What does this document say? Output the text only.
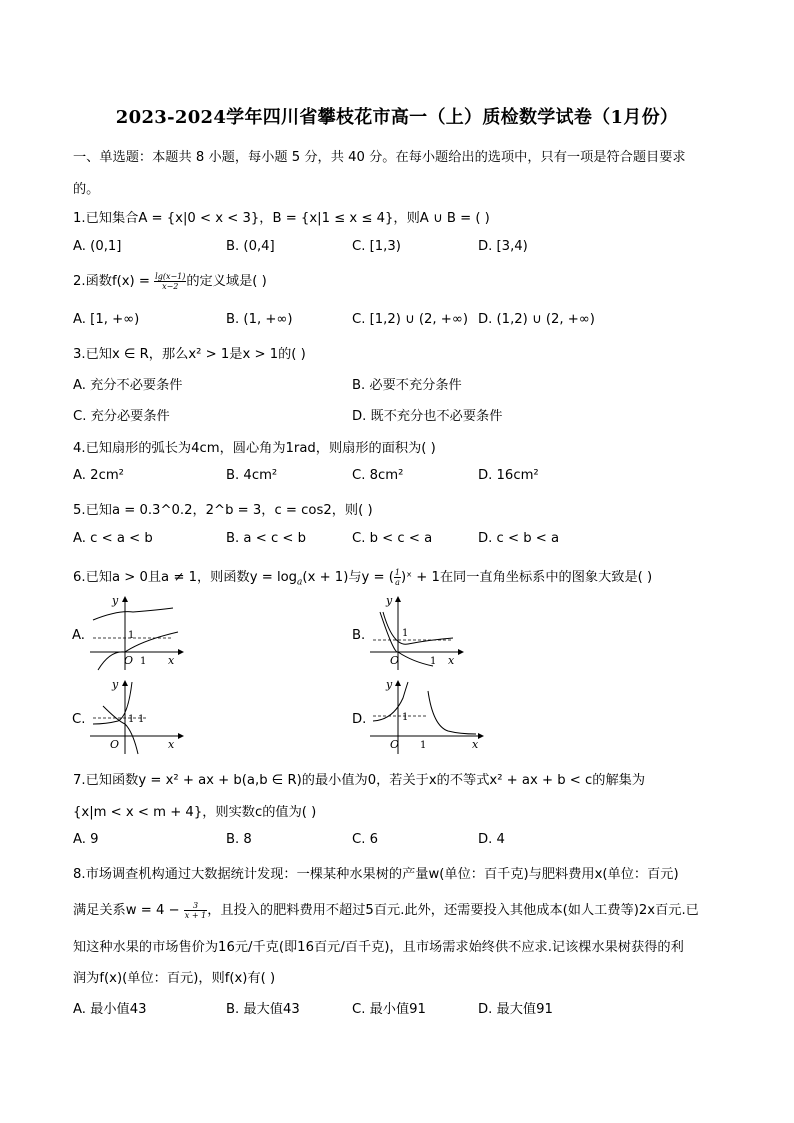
2023-2024学年四川省攀枝花市高一（上）质检数学试卷（1月份）
一、单选题：本题共 8 小题，每小题 5 分，共 40 分。在每小题给出的选项中，只有一项是符合题目要求
的。
1.已知集合A = {x|0 < x < 3}，B = {x|1 ≤ x ≤ 4}，则A ∪ B = ( )
A. (0,1]	B. (0,4]	C. [1,3)	D. [3,4)
2.函数$f(x) = \frac{\lg(x-1)}{x-2}$ 的定义域是( )
A. [1, +∞)	B. (1, +∞)	C. [1,2) ∪ (2, +∞) D. (1,2) ∪ (2, +∞)
3.已知x ∈ R，那么x² > 1是x > 1的( )
A. 充分不必要条件	B. 必要不充分条件
C. 充分必要条件	D. 既不充分也不必要条件
4.已知扇形的弧长为4cm，圆心角为1rad，则扇形的面积为( )
A. 2cm²	B. 4cm²	C. 8cm²	D. 16cm²
5.已知a = 0.3^0.2，2^b = 3，c = cos2，则( )
A. c < a < b	B. a < c < b	C. b < c < a	D. c < b < a
6.已知a > 0且a ≠ 1，则函数$y = \log_a(x + 1)$与y = ( $\frac{1}{a}$ )ˣ + 1在同一直角坐标系中的图象大致是( )
A.	B.
C.	D.
y
1
O 1 x
y
1
O	1 x
y
1 1
O	x
y
1
O 1	x
7.已知函数y = x² + ax + b(a,b ∈ R)的最小值为0，若关于x的不等式x² + ax + b < c的解集为
{x|m < x < m + 4}，则实数c的值为( )
A. 9	B. 8	C. 6	D. 4
8.市场调查机构通过大数据统计发现：一棵某种水果树的产量w(单位：百千克)与肥料费用x(单位：百元)
满足关系$w = 4 - \frac{3}{x + 1}$ ，且投入的肥料费用不超过5百元.此外，还需要投入其他成本(如人工费等)2x百元.已
知这种水果的市场售价为16元/千克(即16百元/百千克)，且市场需求始终供不应求.记该棵水果树获得的利
润为f(x)(单位：百元)，则f(x)有( )
A. 最小值43	B. 最大值43	C. 最小值91	D. 最大值91
